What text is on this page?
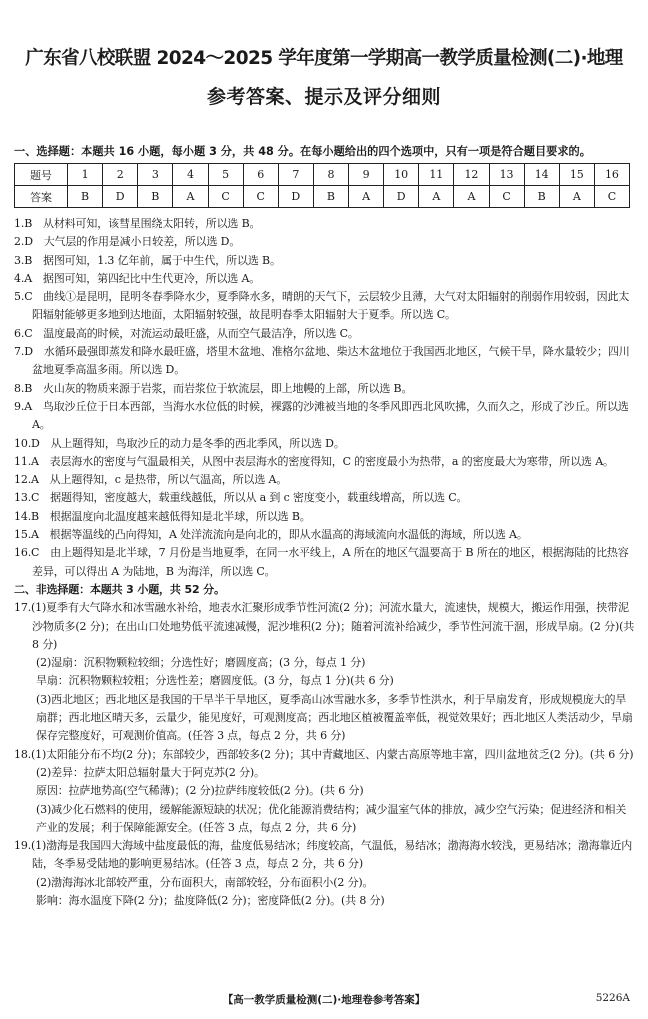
广东省八校联盟 2024～2025 学年度第一学期高一教学质量检测(二)·地理
参考答案、提示及评分细则
一、选择题：本题共 16 小题，每小题 3 分，共 48 分。在每小题给出的四个选项中，只有一项是符合题目要求的。
题号	1	2	3	4	5	6	7	8	9	10	11	12	13	14	15	16
答案	B	D	B	A	C	C	D	B	A	D	A	A	C	B	A	C

1.B　从材料可知，该彗星围绕太阳转，所以选 B。

2.D　大气层的作用是减小日较差，所以选 D。

3.B　据图可知，1.3 亿年前，属于中生代，所以选 B。

4.A　据图可知，第四纪比中生代更冷，所以选 A。

5.C　曲线①是昆明，昆明冬春季降水少，夏季降水多，晴朗的天气下，云层较少且薄，大气对太阳辐射的削弱作用较弱，因此太阳辐射能够更多地到达地面，太阳辐射较强，故昆明春季太阳辐射大于夏季。所以选 C。

6.C　温度最高的时候，对流运动最旺盛，从而空气最洁净，所以选 C。

7.D　水循环最强即蒸发和降水最旺盛，塔里木盆地、准格尔盆地、柴达木盆地位于我国西北地区，气候干旱，降水量较少；四川盆地夏季高温多雨。所以选 D。

8.B　火山灰的物质来源于岩浆，而岩浆位于软流层，即上地幔的上部，所以选 B。

9.A　鸟取沙丘位于日本西部，当海水水位低的时候，裸露的沙滩被当地的冬季风即西北风吹拂，久而久之，形成了沙丘。所以选 A。

10.D　从上题得知，鸟取沙丘的动力是冬季的西北季风，所以选 D。

11.A　表层海水的密度与气温最相关，从图中表层海水的密度得知，C 的密度最小为热带，a 的密度最大为寒带，所以选 A。

12.A　从上题得知，c 是热带，所以气温高，所以选 A。

13.C　据题得知，密度越大，载重线越低，所以从 a 到 c 密度变小，载重线增高，所以选 C。

14.B　根据温度向北温度越来越低得知是北半球，所以选 B。

15.A　根据等温线的凸向得知，A 处洋流流向是向北的，即从水温高的海域流向水温低的海域，所以选 A。

16.C　由上题得知是北半球，7 月份是当地夏季，在同一水平线上，A 所在的地区气温要高于 B 所在的地区，根据海陆的比热容差异，可以得出 A 为陆地，B 为海洋，所以选 C。

二、非选择题：本题共 3 小题，共 52 分。

17.(1)夏季有大气降水和冰雪融水补给，地表水汇聚形成季节性河流(2 分)；河流水量大，流速快，规模大，搬运作用强，挟带泥沙物质多(2 分)；在出山口处地势低平流速减慢，泥沙堆积(2 分)；随着河流补给减少，季节性河流干涸，形成旱扇。(2 分)(共 8 分)

(2)湿扇：沉积物颗粒较细；分选性好；磨圆度高；(3 分，每点 1 分)

旱扇：沉积物颗粒较粗；分选性差；磨圆度低。(3 分，每点 1 分)(共 6 分)

(3)西北地区；西北地区是我国的干旱半干旱地区，夏季高山冰雪融水多，多季节性洪水，利于旱扇发育，形成规模庞大的旱扇群；西北地区晴天多，云量少，能见度好，可观测度高；西北地区植被覆盖率低，视觉效果好；西北地区人类活动少，旱扇保存完整度好，可观测价值高。(任答 3 点，每点 2 分，共 6 分)

18.(1)太阳能分布不均(2 分)；东部较少，西部较多(2 分)；其中青藏地区、内蒙古高原等地丰富，四川盆地贫乏(2 分)。(共 6 分)

(2)差异：拉萨太阳总辐射量大于阿克苏(2 分)。

原因：拉萨地势高(空气稀薄)；(2 分)拉萨纬度较低(2 分)。(共 6 分)

(3)减少化石燃料的使用，缓解能源短缺的状况；优化能源消费结构；减少温室气体的排放，减少空气污染；促进经济和相关产业的发展；利于保障能源安全。(任答 3 点，每点 2 分，共 6 分)

19.(1)渤海是我国四大海域中盐度最低的海，盐度低易结冰；纬度较高，气温低，易结冰；渤海海水较浅，更易结冰；渤海靠近内陆，冬季易受陆地的影响更易结冰。(任答 3 点，每点 2 分，共 6 分)

(2)渤海海冰北部较严重，分布面积大，南部较轻，分布面积小(2 分)。

影响：海水温度下降(2 分)；盐度降低(2 分)；密度降低(2 分)。(共 8 分)

【高一教学质量检测(二)·地理卷参考答案】	5226A
